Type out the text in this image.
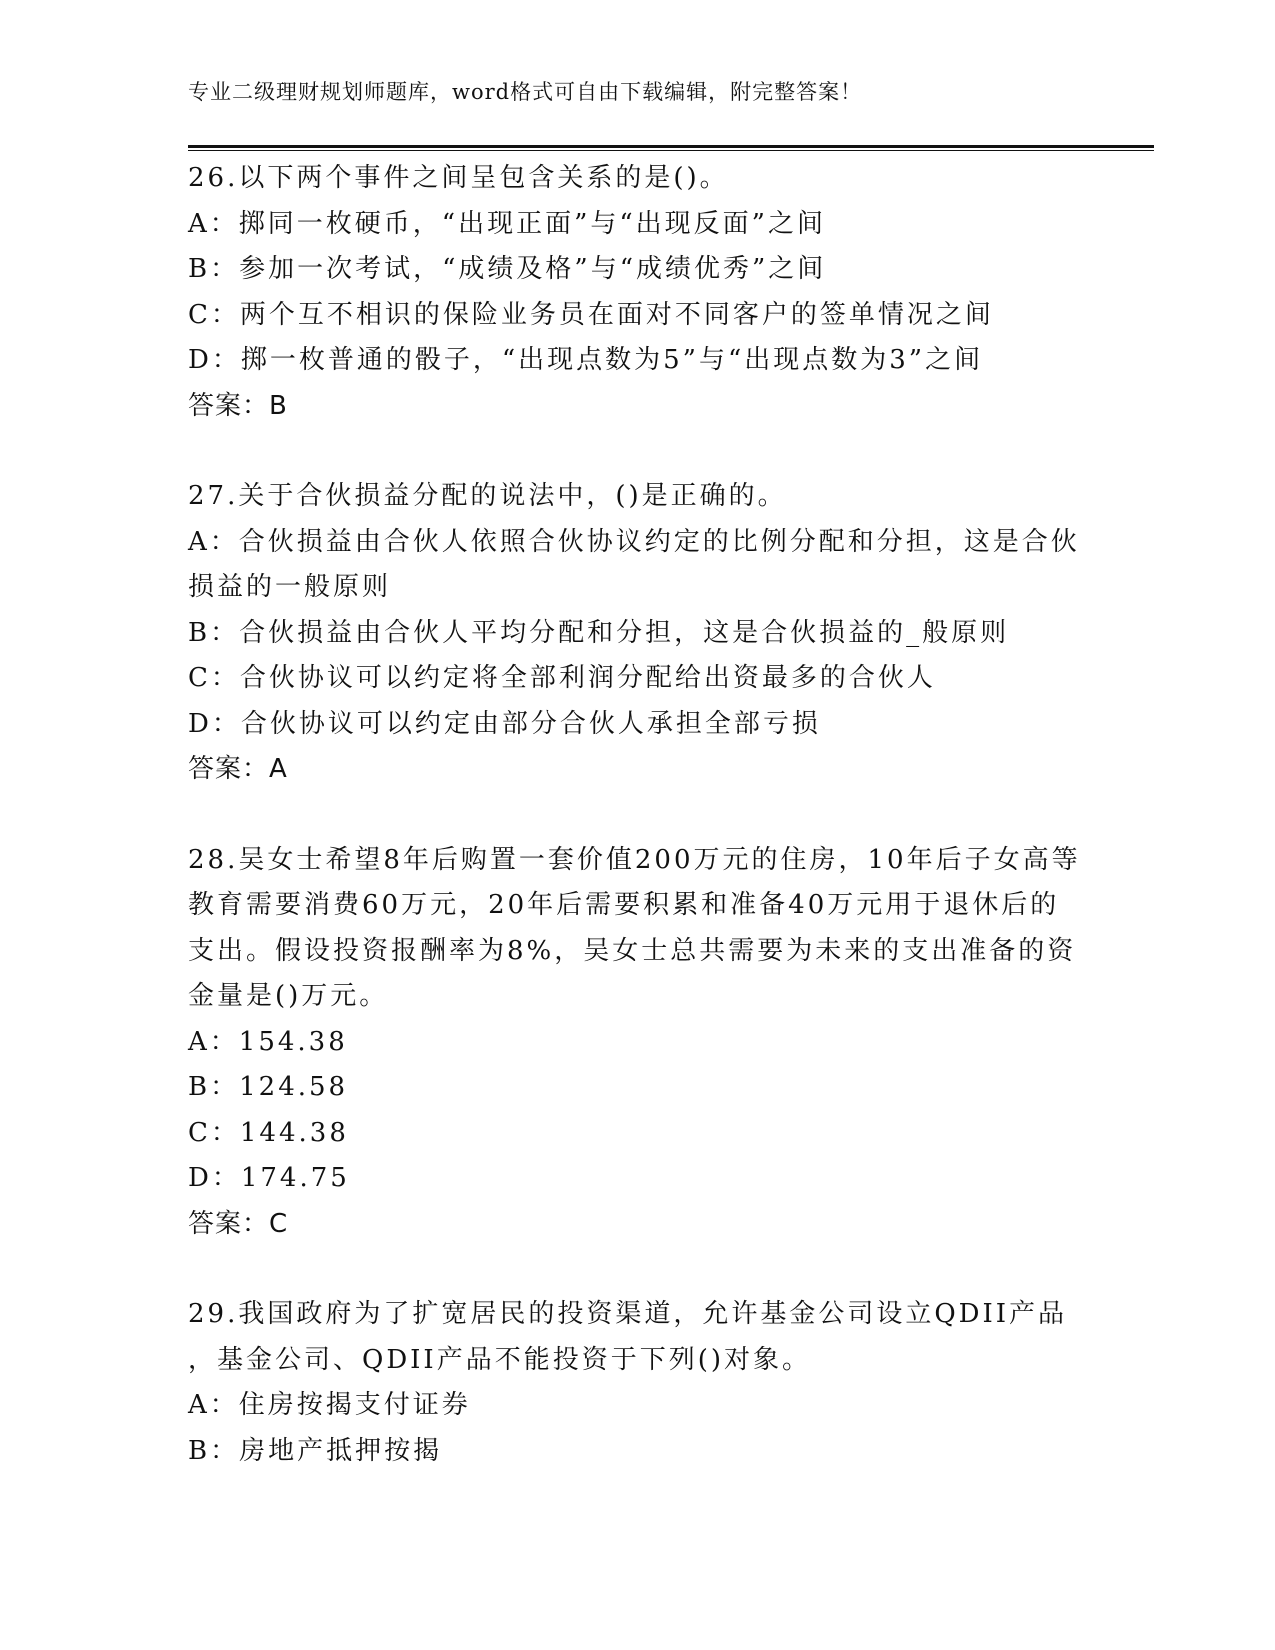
专业二级理财规划师题库，word格式可自由下载编辑，附完整答案！
26.以下两个事件之间呈包含关系的是()。
A：掷同一枚硬币，“出现正面”与“出现反面”之间
B：参加一次考试，“成绩及格”与“成绩优秀”之间
C：两个互不相识的保险业务员在面对不同客户的签单情况之间
D：掷一枚普通的骰子，“出现点数为5”与“出现点数为3”之间
答案：B
27.关于合伙损益分配的说法中，()是正确的。
A：合伙损益由合伙人依照合伙协议约定的比例分配和分担，这是合伙
损益的一般原则
B：合伙损益由合伙人平均分配和分担，这是合伙损益的_般原则
C：合伙协议可以约定将全部利润分配给出资最多的合伙人
D：合伙协议可以约定由部分合伙人承担全部亏损
答案：A
28.吴女士希望8年后购置一套价值200万元的住房，10年后子女高等
教育需要消费60万元，20年后需要积累和准备40万元用于退休后的
支出。假设投资报酬率为8%，吴女士总共需要为未来的支出准备的资
金量是()万元。
A：154.38
B：124.58
C：144.38
D：174.75
答案：C
29.我国政府为了扩宽居民的投资渠道，允许基金公司设立QDII产品
，基金公司、QDII产品不能投资于下列()对象。
A：住房按揭支付证券
B：房地产抵押按揭
